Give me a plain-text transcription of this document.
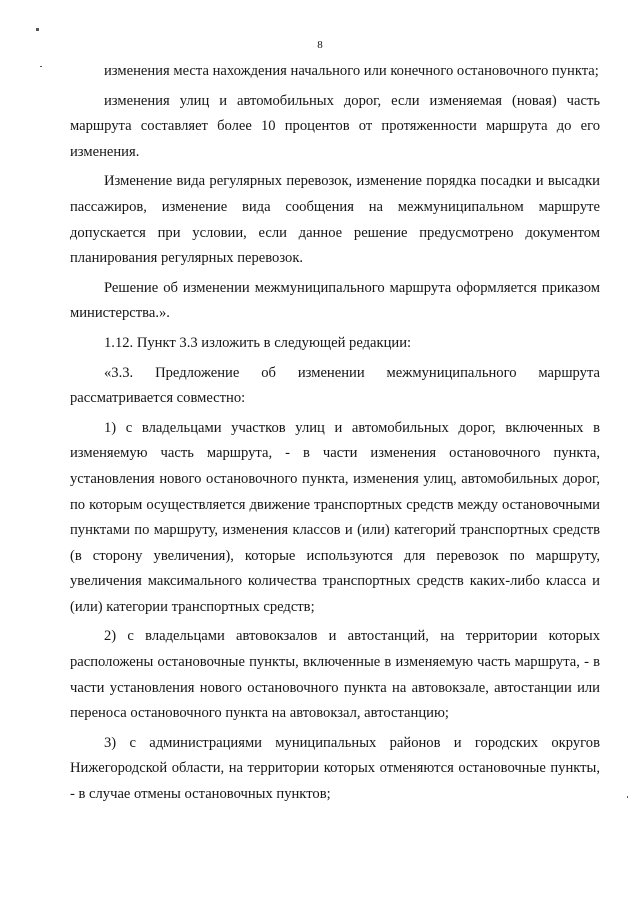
8

изменения места нахождения начального или конечного остановочного пункта;

изменения улиц и автомобильных дорог, если изменяемая (новая) часть маршрута составляет более 10 процентов от протяженности маршрута до его изменения.

Изменение вида регулярных перевозок, изменение порядка посадки и высадки пассажиров, изменение вида сообщения на межмуниципальном маршруте допускается при условии, если данное решение предусмотрено документом планирования регулярных перевозок.

Решение об изменении межмуниципального маршрута оформляется приказом министерства.».

1.12. Пункт 3.3 изложить в следующей редакции:

«3.3. Предложение об изменении межмуниципального маршрута рассматривается совместно:

1) с владельцами участков улиц и автомобильных дорог, включенных в изменяемую часть маршрута, - в части изменения остановочного пункта, установления нового остановочного пункта, изменения улиц, автомобильных дорог, по которым осуществляется движение транспортных средств между остановочными пунктами по маршруту, изменения классов и (или) категорий транспортных средств (в сторону увеличения), которые используются для перевозок по маршруту, увеличения максимального количества транспортных средств каких-либо класса и (или) категории транспортных средств;

2) с владельцами автовокзалов и автостанций, на территории которых расположены остановочные пункты, включенные в изменяемую часть маршрута, - в части установления нового остановочного пункта на автовокзале, автостанции или переноса остановочного пункта на автовокзал, автостанцию;

3) с администрациями муниципальных районов и городских округов Нижегородской области, на территории которых отменяются остановочные пункты, - в случае отмены остановочных пунктов;
